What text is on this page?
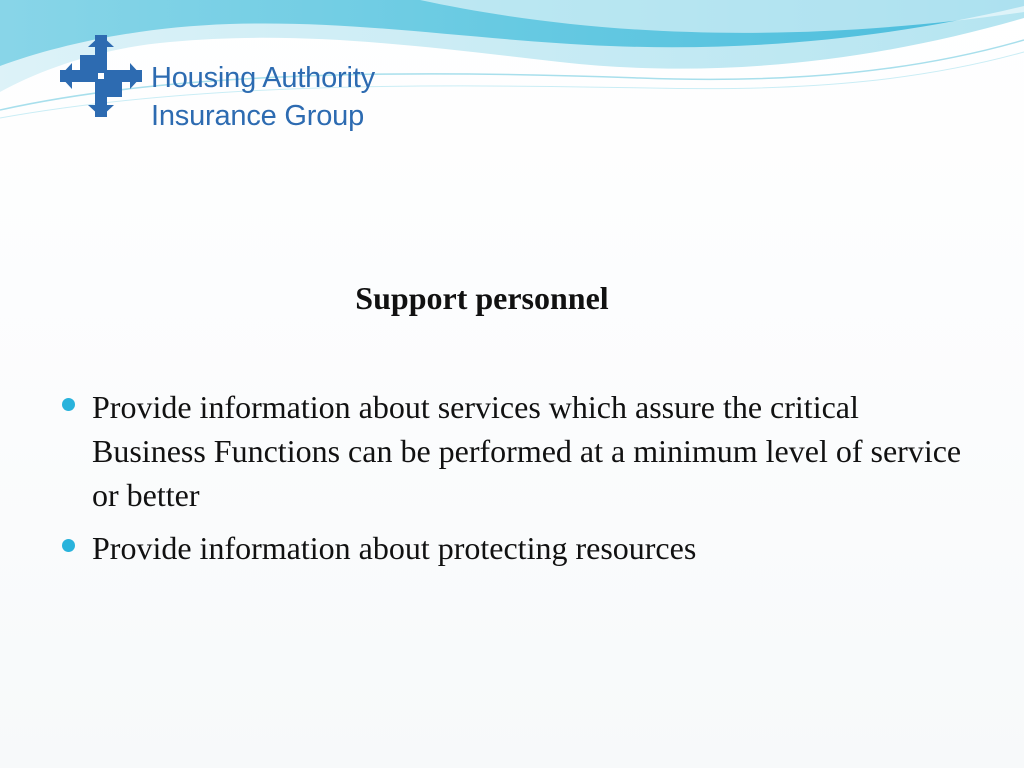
Housing Authority
Insurance Group
Support personnel
Provide information about services which assure the critical Business Functions can be performed at a minimum level of service or better
Provide information about protecting resources
